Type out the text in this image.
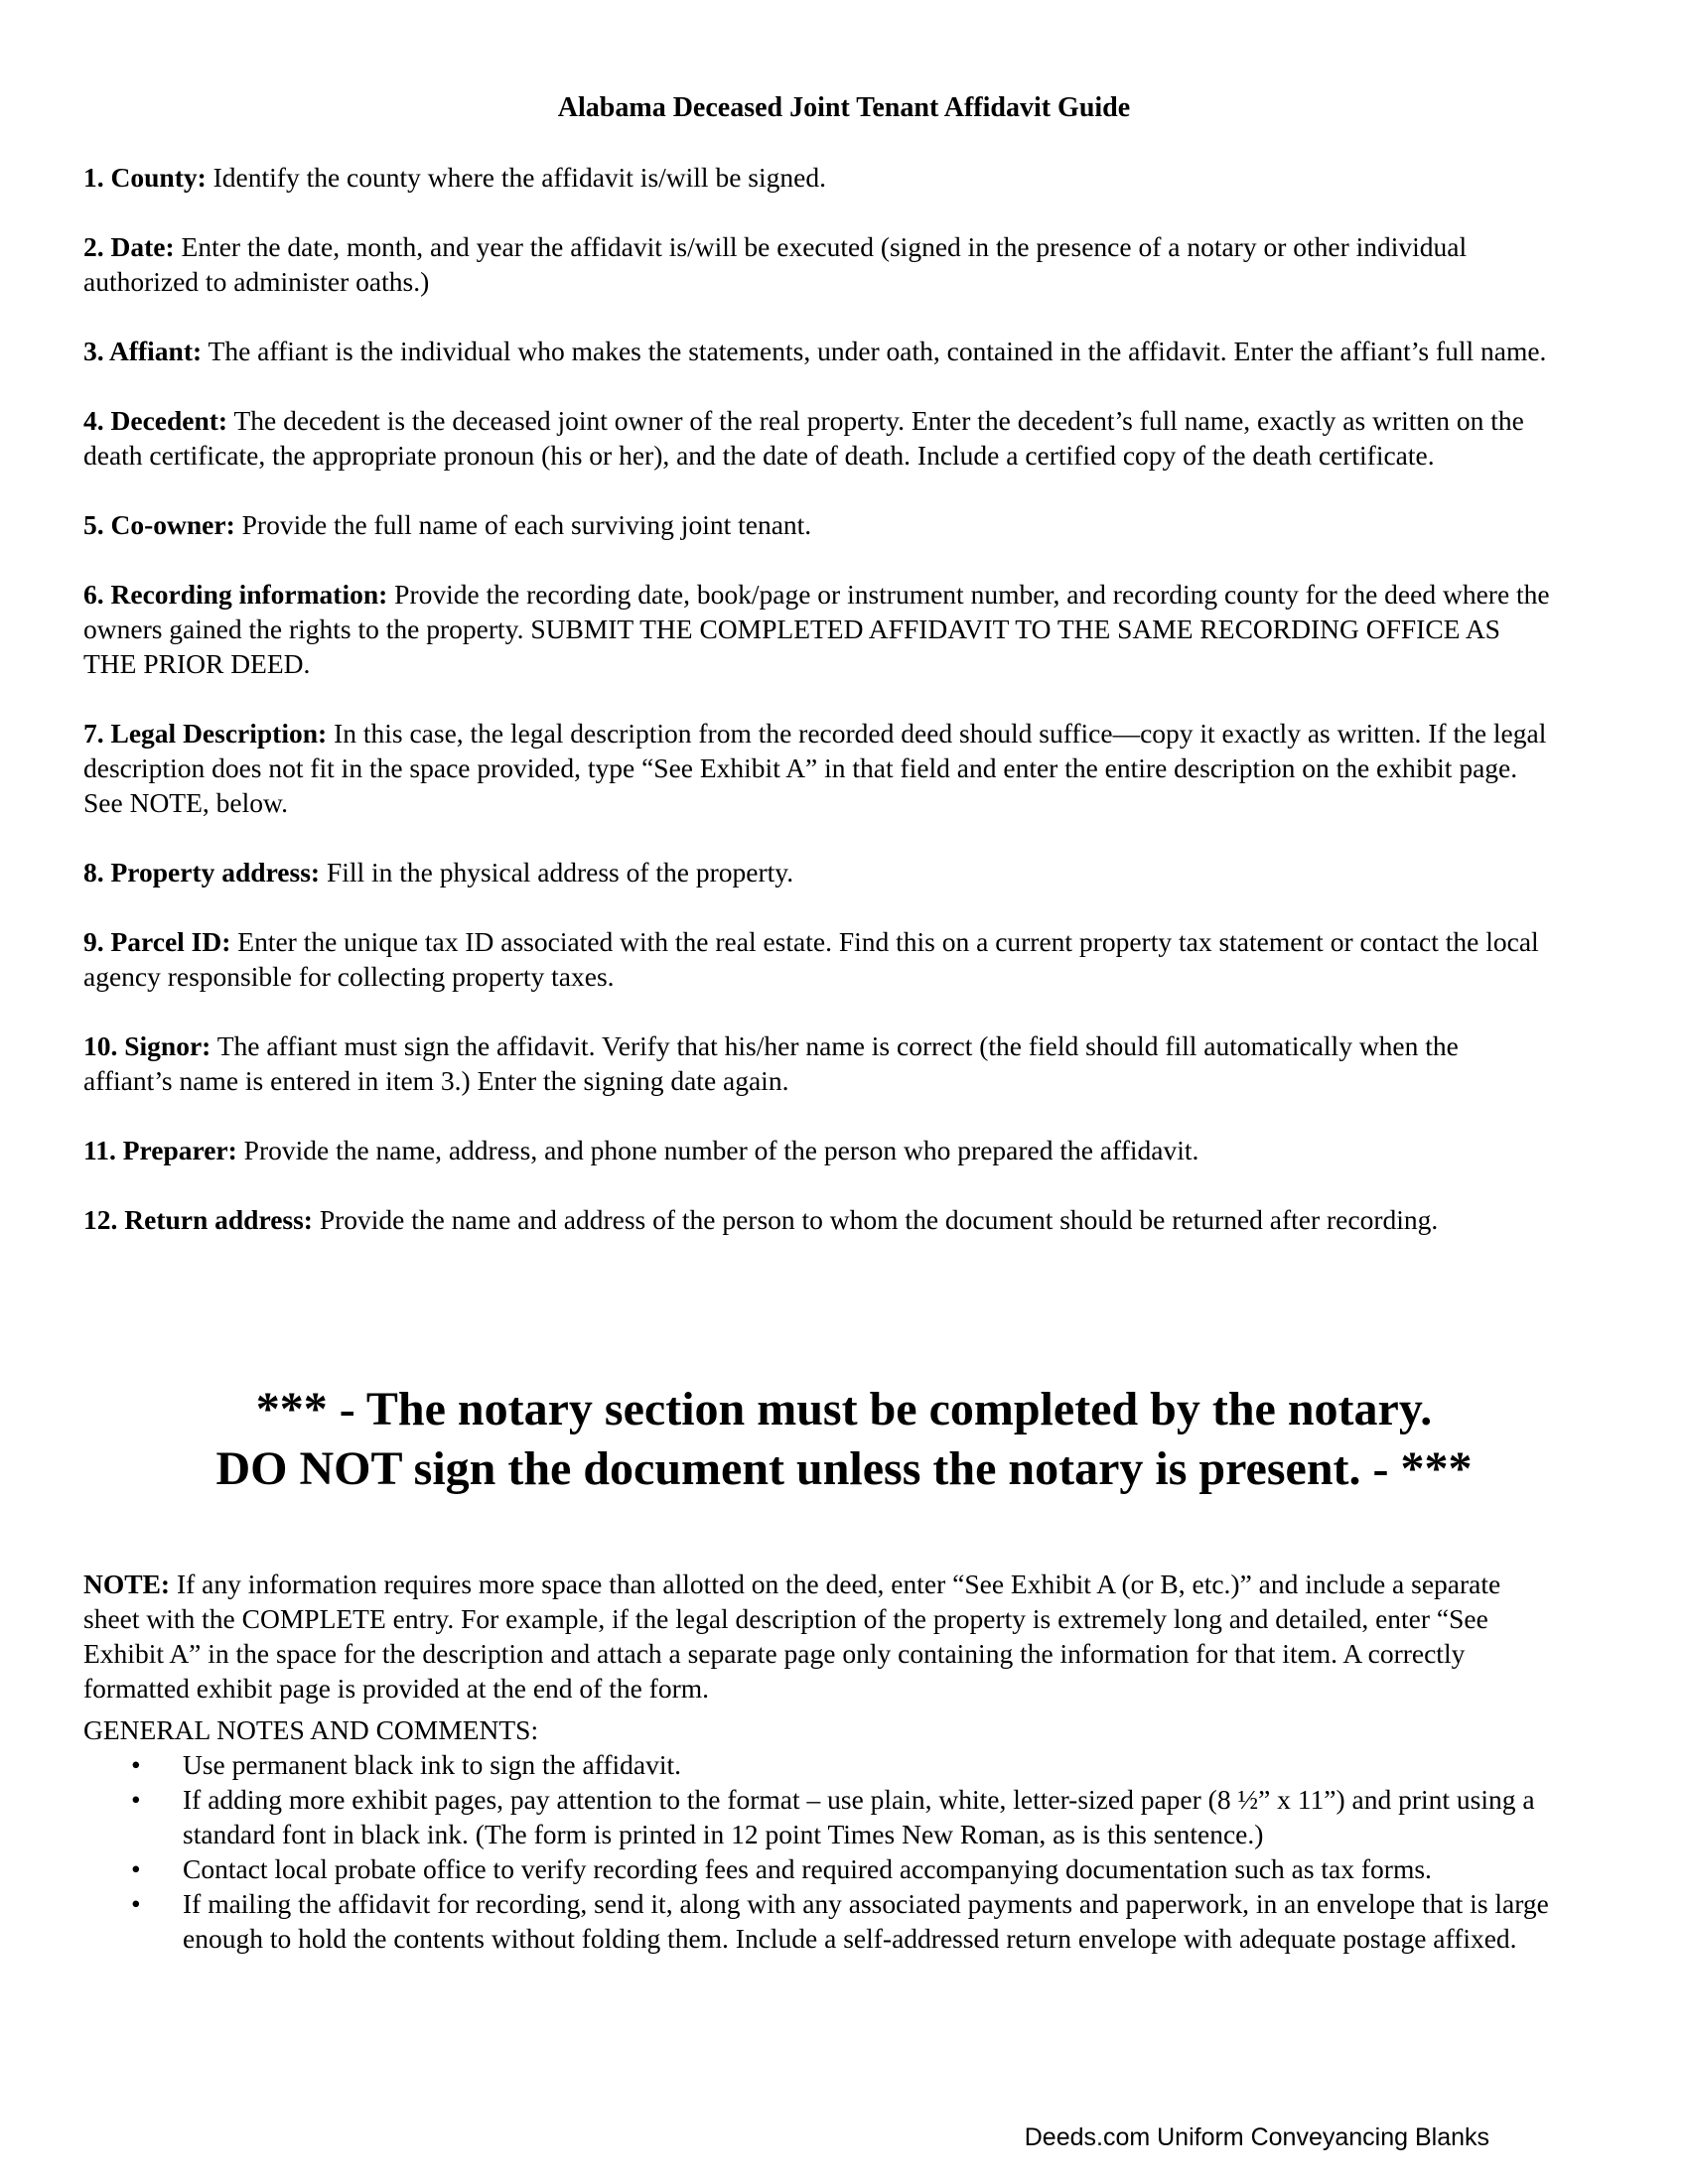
Alabama Deceased Joint Tenant Affidavit Guide

1. County: Identify the county where the affidavit is/will be signed.

2. Date: Enter the date, month, and year the affidavit is/will be executed (signed in the presence of a notary or other individual authorized to administer oaths.)

3. Affiant: The affiant is the individual who makes the statements, under oath, contained in the affidavit. Enter the affiant’s full name.

4. Decedent: The decedent is the deceased joint owner of the real property. Enter the decedent’s full name, exactly as written on the death certificate, the appropriate pronoun (his or her), and the date of death. Include a certified copy of the death certificate.

5. Co-owner: Provide the full name of each surviving joint tenant.

6. Recording information: Provide the recording date, book/page or instrument number, and recording county for the deed where the owners gained the rights to the property. SUBMIT THE COMPLETED AFFIDAVIT TO THE SAME RECORDING OFFICE AS THE PRIOR DEED.

7. Legal Description: In this case, the legal description from the recorded deed should suffice—copy it exactly as written. If the legal description does not fit in the space provided, type “See Exhibit A” in that field and enter the entire description on the exhibit page. See NOTE, below.

8. Property address: Fill in the physical address of the property.

9. Parcel ID: Enter the unique tax ID associated with the real estate. Find this on a current property tax statement or contact the local agency responsible for collecting property taxes.

10. Signor: The affiant must sign the affidavit. Verify that his/her name is correct (the field should fill automatically when the affiant’s name is entered in item 3.) Enter the signing date again.

11. Preparer: Provide the name, address, and phone number of the person who prepared the affidavit.

12. Return address: Provide the name and address of the person to whom the document should be returned after recording.

*** - The notary section must be completed by the notary.
DO NOT sign the document unless the notary is present. - ***

NOTE: If any information requires more space than allotted on the deed, enter “See Exhibit A (or B, etc.)” and include a separate sheet with the COMPLETE entry. For example, if the legal description of the property is extremely long and detailed, enter “See Exhibit A” in the space for the description and attach a separate page only containing the information for that item. A correctly formatted exhibit page is provided at the end of the form.

GENERAL NOTES AND COMMENTS:

• Use permanent black ink to sign the affidavit.
• If adding more exhibit pages, pay attention to the format – use plain, white, letter-sized paper (8 ½” x 11”) and print using a standard font in black ink. (The form is printed in 12 point Times New Roman, as is this sentence.)
• Contact local probate office to verify recording fees and required accompanying documentation such as tax forms.
• If mailing the affidavit for recording, send it, along with any associated payments and paperwork, in an envelope that is large enough to hold the contents without folding them. Include a self-addressed return envelope with adequate postage affixed.
Deeds.com Uniform Conveyancing Blanks
